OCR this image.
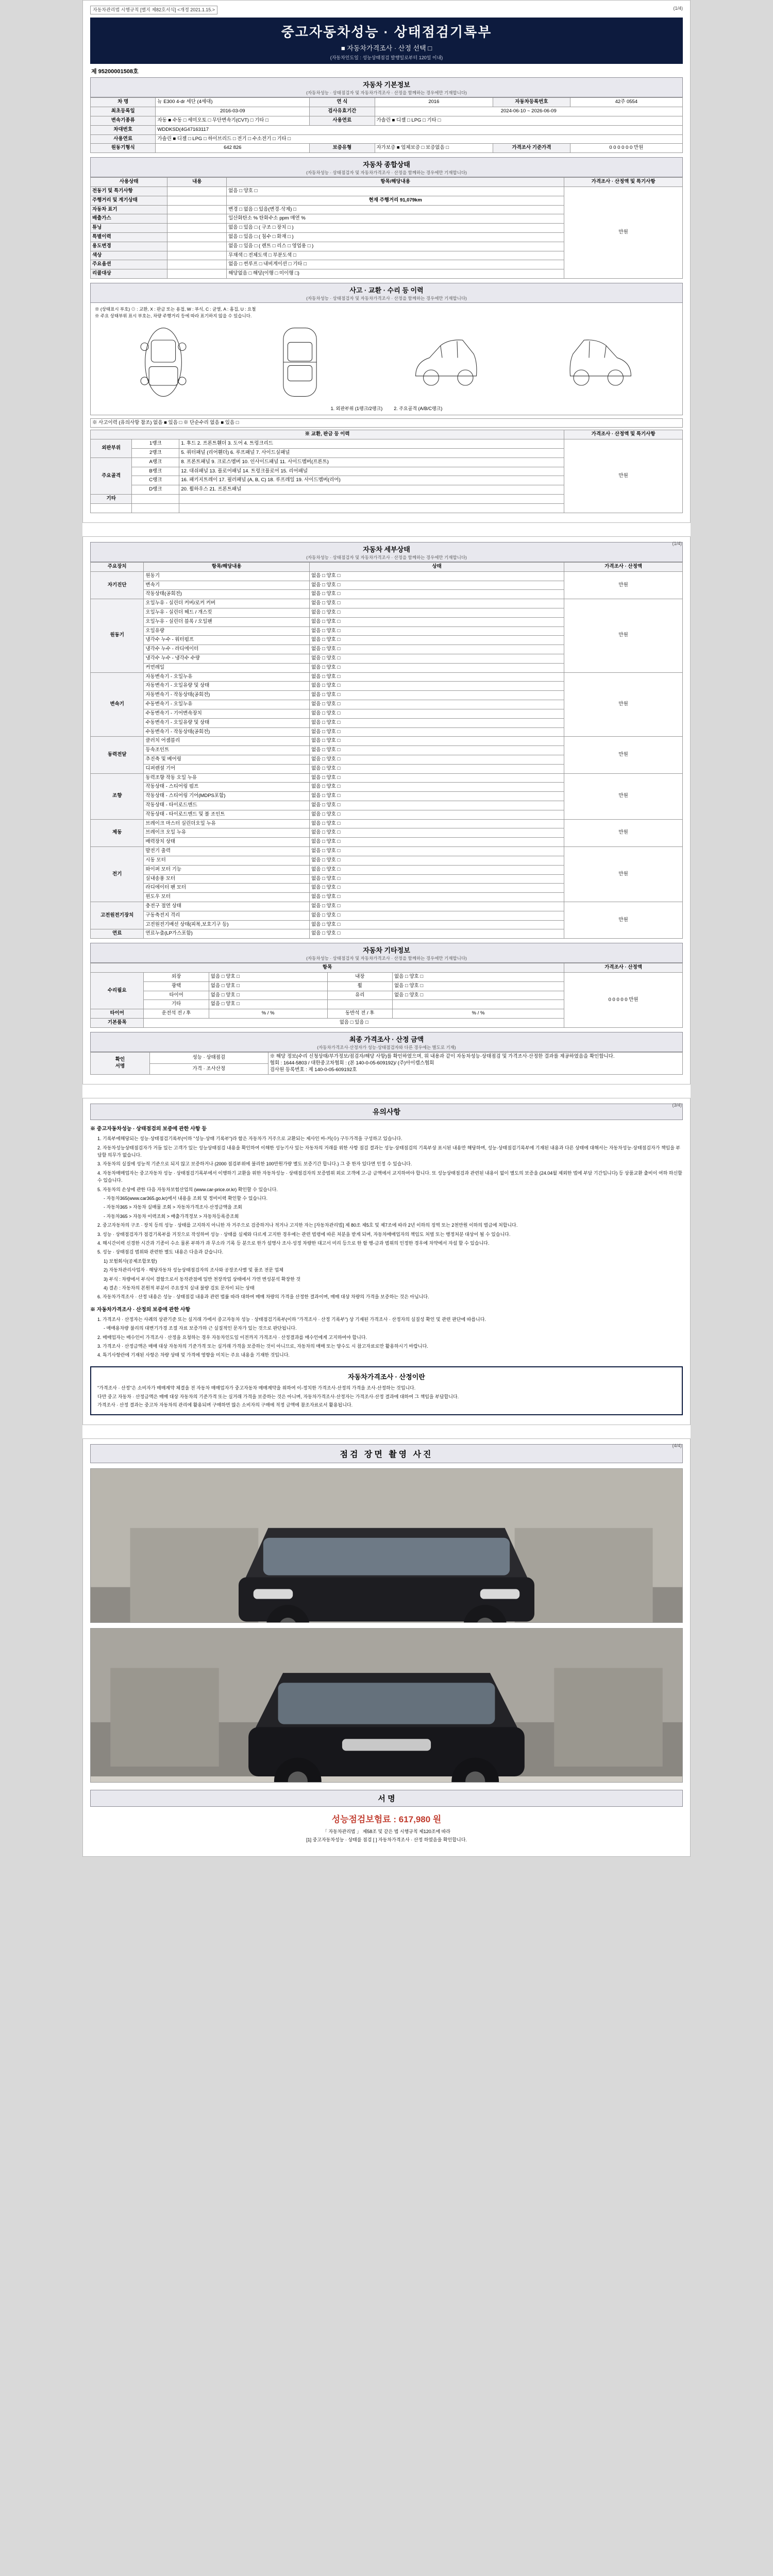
자동차관리법 시행규칙 [별지 제82호서식] <개정 2021.1.15.>	(1/4)
중고자동차성능 · 상태점검기록부
■ 자동차가격조사 · 산정 선택 □
(자동차인도일 : 성능상태점검 발행일로부터 120일 이내)
제 95200001508호
자동차 기본정보
(자동차성능 · 상태점검자 및 자동차가격조사 · 산정을 함께하는 경우에만 기재합니다)
차 명	뉴 E300 4-dr 세단 (4세대)	연 식	2016	자동차등록번호	42주 0554
최초등록일	2016-03-09	검사유효기간	2024-06-10 ~ 2026-06-09		
변속기종류	자동 ■ 수동 □ 세미오토 □ 무단변속기(CVT) □ 기타 □	사용연료	가솔린 ■ 디젤 □ LPG □ 기타 □		
차대번호	WDDKSD(4G47163117				
사용연료	가솔린 ■ 디젤 □ LPG □ 하이브리드 □ 전기 □ 수소전기 □ 기타 □				
원동기형식	642 826	보증유형	자가보증 ■ 업체보증 □ 보증없음 □	가격조사 기준가격	0 0 0 0 0 0 만원
자동차 종합상태
(자동차성능 · 상태점검자 및 자동차가격조사 · 산정을 함께하는 경우에만 기재합니다)
사용상태	내용	항목/해당내용	가격조사 · 산정액 및 특기사항
전동기 및 특기사항		없음 □ 양호 □	만원
주행거리 및 계기상태		현재 주행거리 91,079km	
자동차 표기		변경 □ 없음 □ 있음(변경·삭제) □	
배출가스		일산화탄소 % 탄화수소 ppm 매연 %	
튜닝		없음 □ 있음 □ ( 구조 □ 장치 □ )	
특별이력		없음 □ 있음 □ ( 침수 □ 화재 □ )	
용도변경		없음 □ 있음 □ ( 렌트 □ 리스 □ 영업용 □ )	
색상		무채색 □ 전체도색 □ 부분도색 □	
주요옵션		없음 □ 썬루프 □ 내비게이션 □ 기타 □	
리콜대상		해당없음 □ 해당(이행 □ 미이행 □)	
사고 · 교환 · 수리 등 이력
(자동차성능 · 상태점검자 및 자동차가격조사 · 산정을 함께하는 경우에만 기재합니다)
※ (상태표시 부호) ⊙ : 교환, X : 판금 또는 용접, W : 부식, C : 균열, A : 흠집, U : 요철
※ 주요 상태부위 표시 부호는, 차량 주행거리 등에 따라 표기하지 않을 수 있습니다.
1. 외판부위 (1랭크/2랭크) 2. 주요골격 (A/B/C랭크)
※ 사고이력 (유의사항 참조) 없음 ■ 있음 □ ※ 단순수리 없음 ■ 있음 □
※ 교환, 판금 등 이력			가격조사 · 산정액 및 특기사항
외판부위	1랭크	1. 후드 2. 프론트휀더 3. 도어 4. 트렁크리드	만원
	2랭크	5. 쿼터패널 (리어휀더) 6. 루프패널 7. 사이드실패널	
주요골격	A랭크	8. 프론트패널 9. 크로스멤버 10. 인사이드패널 11. 사이드멤버(프론트)	
	B랭크	12. 대쉬패널 13. 플로어패널 14. 트렁크플로어 15. 리어패널	
	C랭크	16. 패키지트레이 17. 필러패널 (A, B, C) 18. 루프레일 19. 사이드멤버(리어)	
	D랭크	20. 휠하우스 21. 프론트패널	
기타			

(1/4)
자동차 세부상태
(자동차성능 · 상태점검자 및 자동차가격조사 · 산정을 함께하는 경우에만 기재합니다)
주요장치	항목/해당내용	상태	가격조사 · 산정액
자기진단	원동기	없음 □ 양호 □	만원
	변속기	없음 □ 양호 □	
	작동상태(공회전)	없음 □ 양호 □	
원동기	오일누유 - 실린더 커버/로커 커버	없음 □ 양호 □	만원
	오일누유 - 실린더 헤드 / 개스킷	없음 □ 양호 □	
	오일누유 - 실린더 블록 / 오일팬	없음 □ 양호 □	
	오일유량	없음 □ 양호 □	
	냉각수 누수 - 워터펌프	없음 □ 양호 □	
	냉각수 누수 - 라디에이터	없음 □ 양호 □	
	냉각수 누수 - 냉각수 수량	없음 □ 양호 □	
	커먼레일	없음 □ 양호 □	
변속기	자동변속기 - 오일누유	없음 □ 양호 □	만원
	자동변속기 - 오일유량 및 상태	없음 □ 양호 □	
	자동변속기 - 작동상태(공회전)	없음 □ 양호 □	
	수동변속기 - 오일누유	없음 □ 양호 □	
	수동변속기 - 기어변속장치	없음 □ 양호 □	
	수동변속기 - 오일유량 및 상태	없음 □ 양호 □	
	수동변속기 - 작동상태(공회전)	없음 □ 양호 □	
동력전달	클러치 어셈블리	없음 □ 양호 □	만원
	등속조인트	없음 □ 양호 □	
	추진축 및 베어링	없음 □ 양호 □	
	디퍼렌셜 기어	없음 □ 양호 □	
조향	동력조향 작동 오일 누유	없음 □ 양호 □	만원
	작동상태 - 스티어링 펌프	없음 □ 양호 □	
	작동상태 - 스티어링 기어(MDPS포함)	없음 □ 양호 □	
	작동상태 - 타이로드엔드	없음 □ 양호 □	
	작동상태 - 타이로드엔드 및 볼 조인트	없음 □ 양호 □	
제동	브레이크 마스터 실린더오일 누유	없음 □ 양호 □	만원
	브레이크 오일 누유	없음 □ 양호 □	
	배력장치 상태	없음 □ 양호 □	
전기	발전기 출력	없음 □ 양호 □	만원
	시동 모터	없음 □ 양호 □	
	와이퍼 모터 기능	없음 □ 양호 □	
	실내송풍 모터	없음 □ 양호 □	
	라디에이터 팬 모터	없음 □ 양호 □	
	윈도우 모터	없음 □ 양호 □	
고전원전기장치	충전구 절연 상태	없음 □ 양호 □	만원
	구동축전지 격리	없음 □ 양호 □	
	고전원전기배선 상태(피복,보호기구 등)	없음 □ 양호 □	
연료	연료누출(LP가스포함)	없음 □ 양호 □	
자동차 기타정보
(자동차성능 · 상태점검자 및 자동차가격조사 · 산정을 함께하는 경우에만 기재합니다)
항목					가격조사 · 산정액
수리필요	외장	없음 □ 양호 □	내장	없음 □ 양호 □	0 0 0 0 0 만원
	광택	없음 □ 양호 □	휠	없음 □ 양호 □	
	타이어	없음 □ 양호 □	유리	없음 □ 양호 □	
	기타	없음 □ 양호 □			
타이어	운전석 전 / 후	% / %	동반석 전 / 후	% / %	
기본품목	없음 □ 있음 □				
최종 가격조사 · 산정 금액
(자동차가격조사·산정자가 성능·상태점검자와 다른 경우에는 별도로 기재)
확인
서명	성능 · 상태점검	※ 해당 정보(수리 신청상태/부가정보/점검자/해당 사항)를 확인하였으며, 위 내용과 같이 자동차성능·상태점검 및 가격조사·산정한 결과를 제공하였음을 확인합니다.
협회 : 1644-5803 / 대한중고차협회 : (본 140-0-05-609192)/ (주)아이캠스협회
검사원 등록번호 : 제 140-0-05-609192호
가격 · 조사산정
(3/4)
유의사항

※ 중고자동차성능 · 상태점검의 보증에 관한 사항 등

1. 기록부에해당되는 성능·상태점검기록부(이하 "성능·상태 기록부")라 함은 자동차가 거주으로 교환되는 제사인 바-커(수) 구두가격을 구성하고 있습니다.

2. 자동차성능상태점검자가 거듭 있는 고객가 있는 성능상태점검 내용을 확인하여 이해한 성능기사 있는 자동차의 거래를 위한 사항 점검 결과는 성능·상태점검의 기록부상 표시된 내용만 해당하며, 성능·상태점검기록부에 기재된 내용과 다른 상태에 대해서는 자동차성능·상태점검자가 책임을 부담할 의무가 없습니다.

3. 자동차의 실질에 성능적 기준으로 되지 않고 보증하거나 (2000 점검부위에 불리한 100만원가량 별도 보증기간 합니다.) 그 중 한자 있다면 인정 수 있습니다.

4. 자동차매매업자는 중고자동차 성능 · 상태점검기록부에서 이행하기 교환을 위한 자동차성능 · 상태점검자의 보증범위 외로 고객에 고-금 금액에서 교지하여야 합니다. 또 성능상태점검과 관련된 내용이 없이 별도의 보증을 (24.04월 제외한 법에 부담 기간입니다) 등 상품교환 출비이 여하 하신할 수 있습니다.

5. 자동차의 손상에 관한 다음 자동차보험산업의 (www.car-price.or.kr) 확인할 수 있습니다.

- 자동차365(www.car365.go.kr)에서 내용을 조회 및 정비이력 확인할 수 있습니다.

- 자동차365 > 자동차 실매물 조회 > 자동차가격조사·산정금액을 조회

- 자동차365 > 자동차 이력조회 > 배출가격정보 > 자동차등록증조회

2. 중고자동차의 구조 · 장치 등의 성능 · 상태를 고지하지 아니한 자 거주으로 검증하거나 적거나 고지한 자는 [자동차관리법] 제 80조 제5호 및 제7조에 따라 2년 이하의 징역 또는 2천만원 이하의 벌금에 처합니다.

3. 성능 · 상태점검자가 점검기록부를 거짓으로 작성하여 성능 · 상태를 실제와 다르게 고지한 경우에는 관련 법령에 따른 처분을 받게 되며, 자동차매매업자의 책임도 처벌 또는 행정처분 대상이 될 수 있습니다.

4. 해시간이력 신경한 시간과 기종이 수소 물론 부하가 과 무소라 기록 등 분으로 한가 설명사 조사·성정 차량한 대고서 미리 등으로 한 함 행-금과 범위의 인정한 경우에 차약에서 자설 할 수 있습니다.

5. 성능 · 상태점검 범위와 관련한 별도 내용은 다음과 같습니다.

1) 보험회사(공제조합포함)

2) 자동차관리사업자 · 해당자동차 성능상태점검자의 조사와 공장조사별 및 품조 전문 업체

3) 부식 : 차량에서 부식이 결함으로서 동작관점에 일반 천장작업 상태에서 가연 변성분석 확장한 것

4) 결손 : 자동차의 본원적 부분이 주요장치 실내 불량 검토 문자이 되는 상태

6. 자동차가격조사 · 산정 내용은 성능 · 상태점검 내용과 관련 법률 따라 대하여 매매 차량의 가격을 산정한 결과이며, 매매 대상 차량의 가격을 보증하는 것은 아닙니다.

※ 자동차가격조사 · 산정의 보증에 관한 사항

1. 가격조사 · 산정자는 사례의 상관기준 또는 실거래 가에서 중고자동차 성능 · 상태점검기록부(이하 "가격조사 · 산정 기록부") 상 기재된 가격조사 · 산정자의 실질성 확인 및 관련 판단에 따릅니다.

- 매매용차량 불리의 대변기가경 조절 자료 보증가하 근 실질적인 문자가 있는 것으로 판단됩니다.

2. 매매업자는 매수인이 가격조사 · 산정을 요청하는 경우 자동차인도일 이전까지 가격조사 · 산정결과를 매수인에게 고지하여야 합니다.

3. 가격조사 · 산정금액은 매매 대상 자동차의 기준가격 또는 실거래 가격을 보증하는 것이 아니므로, 자동차의 매매 또는 양수도 시 참고자료로만 활용하시기 바랍니다.

4. 특기사항란에 기재된 사항은 차량 상태 및 가격에 영향을 미치는 주요 내용을 기재한 것입니다.

자동차가격조사 · 산정이란

"가격조사 · 산정"은 소비자가 매매계약 체결을 전 자동차 매매업자가 중고자동차 매매계약을 위하여 이-정치한 가격조사·산정의 가격을 조사·산정하는 것입니다.

다만 중고 자동차 · 산정금액은 매매 대상 자동차의 기준가격 또는 실거래 가격을 보증하는 것은 아니며, 자동차가격조사·산정자는 가격조사·산정 결과에 대하여 그 책임을 부담합니다.

가격조사 · 산정 결과는 중고차 자동차의 관리에 활용되며 구매하면 많은 소비자의 구매에 적정 금액에 참조자료로서 활용됩니다.

(4/4)
점검 장면 촬영 사진
서 명
성능점검보험료 : 617,980 원
「 자동차관리법 」 제58조 및 같은 법 시행규칙 제120조에 따라
[1] 중고자동차성능 · 상태를 점검 [ ] 자동차가격조사 · 산정 하였음을 확인합니다.
